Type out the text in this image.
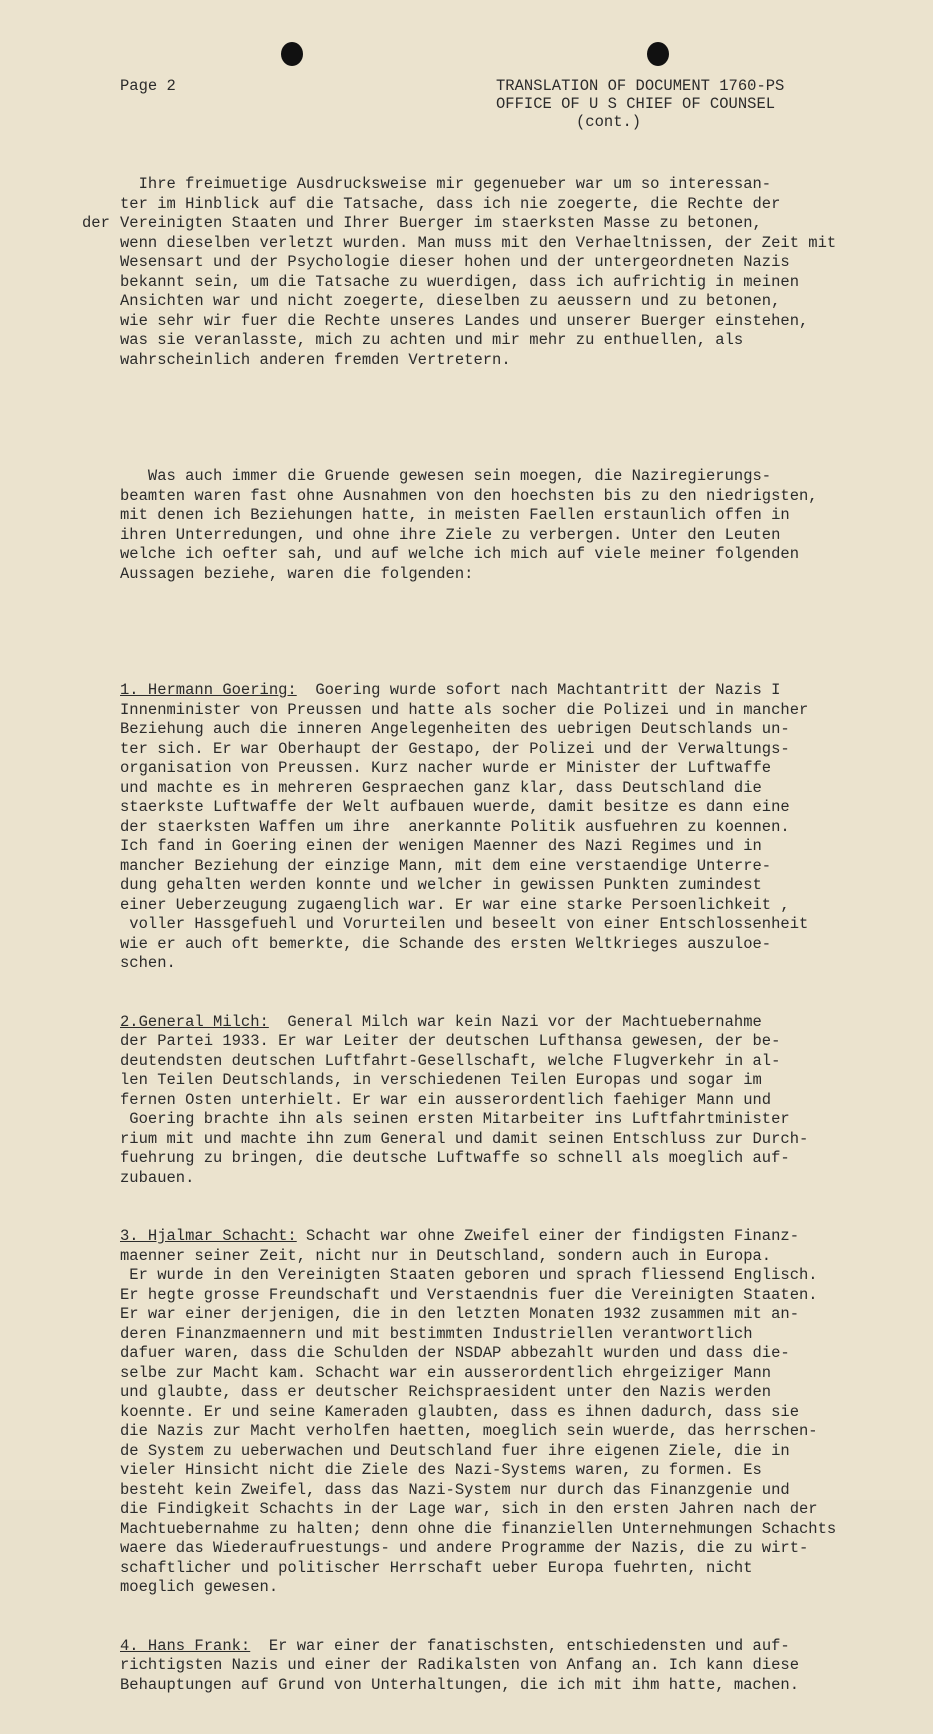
Page 2	TRANSLATION OF DOCUMENT 1760-PS
OFFICE OF U S CHIEF OF COUNSEL
(cont.)
der

Ihre freimuetige Ausdrucksweise mir gegenueber war um so interessan-
ter im Hinblick auf die Tatsache, dass ich nie zoegerte, die Rechte der
Vereinigten Staaten und Ihrer Buerger im staerksten Masse zu betonen,
wenn dieselben verletzt wurden. Man muss mit den Verhaeltnissen, der Zeit mit
Wesensart und der Psychologie dieser hohen und der untergeordneten Nazis
bekannt sein, um die Tatsache zu wuerdigen, dass ich aufrichtig in meinen
Ansichten war und nicht zoegerte, dieselben zu aeussern und zu betonen,
wie sehr wir fuer die Rechte unseres Landes und unserer Buerger einstehen,
was sie veranlasste, mich zu achten und mir mehr zu enthuellen, als
wahrscheinlich anderen fremden Vertretern.

Was auch immer die Gruende gewesen sein moegen, die Naziregierungs-
beamten waren fast ohne Ausnahmen von den hoechsten bis zu den niedrigsten,
mit denen ich Beziehungen hatte, in meisten Faellen erstaunlich offen in
ihren Unterredungen, und ohne ihre Ziele zu verbergen. Unter den Leuten
welche ich oefter sah, und auf welche ich mich auf viele meiner folgenden
Aussagen beziehe, waren die folgenden:

1. Hermann Goering:  Goering wurde sofort nach Machtantritt der Nazis I
Innenminister von Preussen und hatte als socher die Polizei und in mancher
Beziehung auch die inneren Angelegenheiten des uebrigen Deutschlands un-
ter sich. Er war Oberhaupt der Gestapo, der Polizei und der Verwaltungs-
organisation von Preussen. Kurz nacher wurde er Minister der Luftwaffe
und machte es in mehreren Gespraechen ganz klar, dass Deutschland die
staerkste Luftwaffe der Welt aufbauen wuerde, damit besitze es dann eine
der staerksten Waffen um ihre  anerkannte Politik ausfuehren zu koennen.
Ich fand in Goering einen der wenigen Maenner des Nazi Regimes und in
mancher Beziehung der einzige Mann, mit dem eine verstaendige Unterre-
dung gehalten werden konnte und welcher in gewissen Punkten zumindest
einer Ueberzeugung zugaenglich war. Er war eine starke Persoenlichkeit ,
voller Hassgefuehl und Vorurteilen und beseelt von einer Entschlossenheit
wie er auch oft bemerkte, die Schande des ersten Weltkrieges auszuloe-
schen.

2.General Milch:  General Milch war kein Nazi vor der Machtuebernahme
der Partei 1933. Er war Leiter der deutschen Lufthansa gewesen, der be-
deutendsten deutschen Luftfahrt-Gesellschaft, welche Flugverkehr in al-
len Teilen Deutschlands, in verschiedenen Teilen Europas und sogar im
fernen Osten unterhielt. Er war ein ausserordentlich faehiger Mann und
Goering brachte ihn als seinen ersten Mitarbeiter ins Luftfahrtminister
rium mit und machte ihn zum General und damit seinen Entschluss zur Durch-
fuehrung zu bringen, die deutsche Luftwaffe so schnell als moeglich auf-
zubauen.

3. Hjalmar Schacht: Schacht war ohne Zweifel einer der findigsten Finanz-
maenner seiner Zeit, nicht nur in Deutschland, sondern auch in Europa.
Er wurde in den Vereinigten Staaten geboren und sprach fliessend Englisch.
Er hegte grosse Freundschaft und Verstaendnis fuer die Vereinigten Staaten.
Er war einer derjenigen, die in den letzten Monaten 1932 zusammen mit an-
deren Finanzmaennern und mit bestimmten Industriellen verantwortlich
dafuer waren, dass die Schulden der NSDAP abbezahlt wurden und dass die-
selbe zur Macht kam. Schacht war ein ausserordentlich ehrgeiziger Mann
und glaubte, dass er deutscher Reichspraesident unter den Nazis werden
koennte. Er und seine Kameraden glaubten, dass es ihnen dadurch, dass sie
die Nazis zur Macht verholfen haetten, moeglich sein wuerde, das herrschen-
de System zu ueberwachen und Deutschland fuer ihre eigenen Ziele, die in
vieler Hinsicht nicht die Ziele des Nazi-Systems waren, zu formen. Es
besteht kein Zweifel, dass das Nazi-System nur durch das Finanzgenie und
die Findigkeit Schachts in der Lage war, sich in den ersten Jahren nach der
Machtuebernahme zu halten; denn ohne die finanziellen Unternehmungen Schachts
waere das Wiederaufruestungs- und andere Programme der Nazis, die zu wirt-
schaftlicher und politischer Herrschaft ueber Europa fuehrten, nicht
moeglich gewesen.

4. Hans Frank:  Er war einer der fanatischsten, entschiedensten und auf-
richtigsten Nazis und einer der Radikalsten von Anfang an. Ich kann diese
Behauptungen auf Grund von Unterhaltungen, die ich mit ihm hatte, machen.
